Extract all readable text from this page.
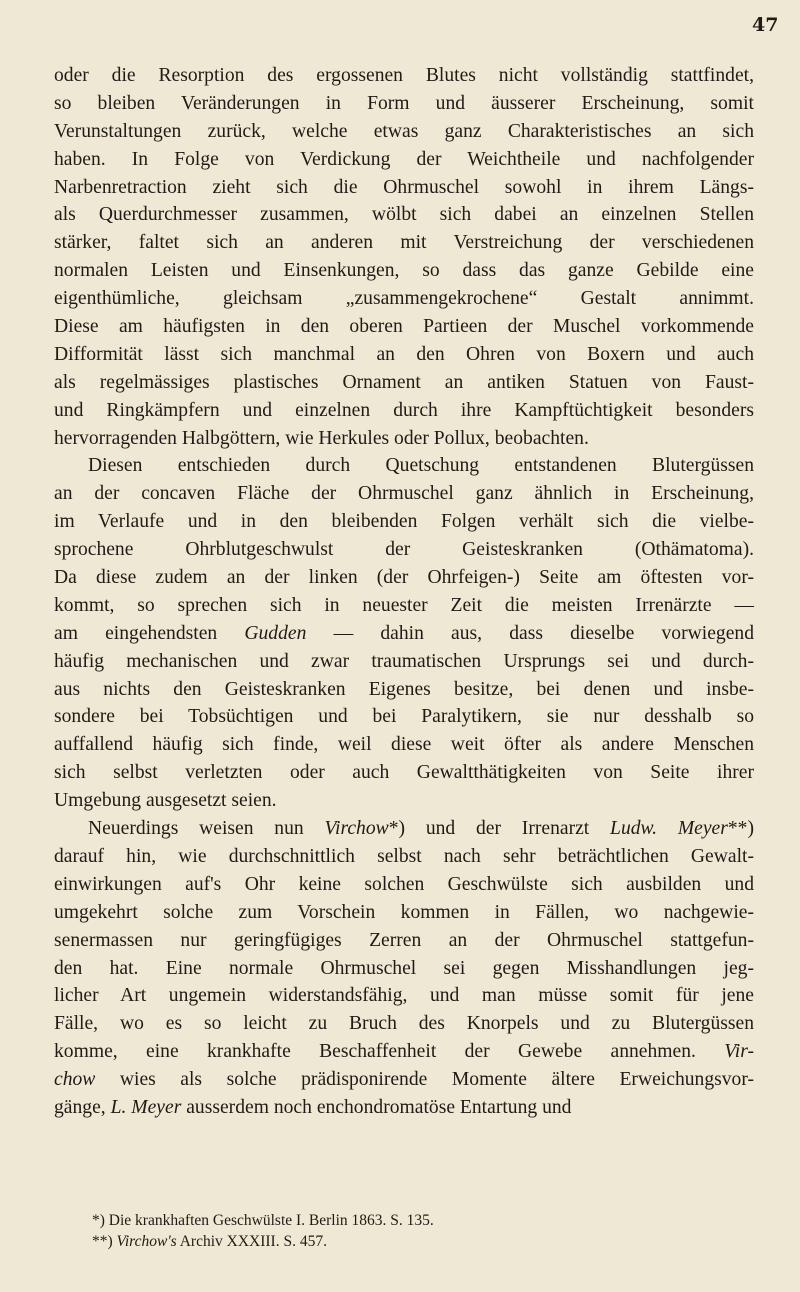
47
oder die Resorption des ergossenen Blutes nicht vollständig stattfindet,
so bleiben Veränderungen in Form und äusserer Erscheinung, somit
Verunstaltungen zurück, welche etwas ganz Charakteristisches an sich
haben. In Folge von Verdickung der Weichtheile und nachfolgender
Narbenretraction zieht sich die Ohrmuschel sowohl in ihrem Längs-
als Querdurchmesser zusammen, wölbt sich dabei an einzelnen Stellen
stärker, faltet sich an anderen mit Verstreichung der verschiedenen
normalen Leisten und Einsenkungen, so dass das ganze Gebilde eine
eigenthümliche, gleichsam „zusammengekrochene“ Gestalt annimmt.
Diese am häufigsten in den oberen Partieen der Muschel vorkommende
Difformität lässt sich manchmal an den Ohren von Boxern und auch
als regelmässiges plastisches Ornament an antiken Statuen von Faust-
und Ringkämpfern und einzelnen durch ihre Kampftüchtigkeit besonders
hervorragenden Halbgöttern, wie Herkules oder Pollux, beobachten.
Diesen entschieden durch Quetschung entstandenen Blutergüssen
an der concaven Fläche der Ohrmuschel ganz ähnlich in Erscheinung,
im Verlaufe und in den bleibenden Folgen verhält sich die vielbe-
sprochene Ohrblutgeschwulst der Geisteskranken (Othämatoma).
Da diese zudem an der linken (der Ohrfeigen-) Seite am öftesten vor-
kommt, so sprechen sich in neuester Zeit die meisten Irrenärzte —
am eingehendsten Gudden — dahin aus, dass dieselbe vorwiegend
häufig mechanischen und zwar traumatischen Ursprungs sei und durch-
aus nichts den Geisteskranken Eigenes besitze, bei denen und insbe-
sondere bei Tobsüchtigen und bei Paralytikern, sie nur desshalb so
auffallend häufig sich finde, weil diese weit öfter als andere Menschen
sich selbst verletzten oder auch Gewaltthätigkeiten von Seite ihrer
Umgebung ausgesetzt seien.
Neuerdings weisen nun Virchow*) und der Irrenarzt Ludw. Meyer**)
darauf hin, wie durchschnittlich selbst nach sehr beträchtlichen Gewalt-
einwirkungen auf's Ohr keine solchen Geschwülste sich ausbilden und
umgekehrt solche zum Vorschein kommen in Fällen, wo nachgewie-
senermassen nur geringfügiges Zerren an der Ohrmuschel stattgefun-
den hat. Eine normale Ohrmuschel sei gegen Misshandlungen jeg-
licher Art ungemein widerstandsfähig, und man müsse somit für jene
Fälle, wo es so leicht zu Bruch des Knorpels und zu Blutergüssen
komme, eine krankhafte Beschaffenheit der Gewebe annehmen. Vir-
chow wies als solche prädisponirende Momente ältere Erweichungsvor-
gänge, L. Meyer ausserdem noch enchondromatöse Entartung und
*) Die krankhaften Geschwülste I. Berlin 1863. S. 135.
**) Virchow's Archiv XXXIII. S. 457.
